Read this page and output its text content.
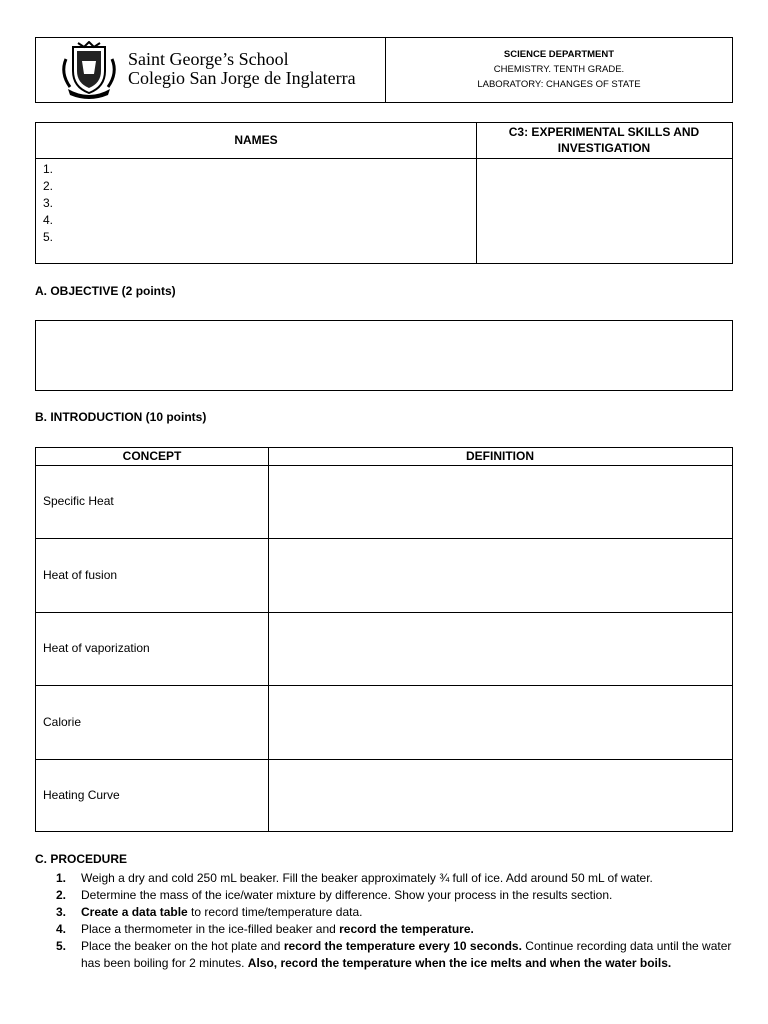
Saint George’s School
Colegio San Jorge de Inglaterra
SCIENCE DEPARTMENT
CHEMISTRY. TENTH GRADE.
LABORATORY: CHANGES OF STATE
NAMES
C3: EXPERIMENTAL SKILLS AND
INVESTIGATION
1.
2.
3.
4.
5.
A. OBJECTIVE (2 points)
B. INTRODUCTION (10 points)
CONCEPT	DEFINITION
Specific Heat
Heat of fusion
Heat of vaporization
Calorie
Heating Curve
C. PROCEDURE
1. Weigh a dry and cold 250 mL beaker. Fill the beaker approximately ¾ full of ice. Add around 50 mL of water.
2. Determine the mass of the ice/water mixture by difference. Show your process in the results section.
3. Create a data table to record time/temperature data.
4. Place a thermometer in the ice-filled beaker and record the temperature.
5. Place the beaker on the hot plate and record the temperature every 10 seconds. Continue recording data until the water has been boiling for 2 minutes. Also, record the temperature when the ice melts and when the water boils.
